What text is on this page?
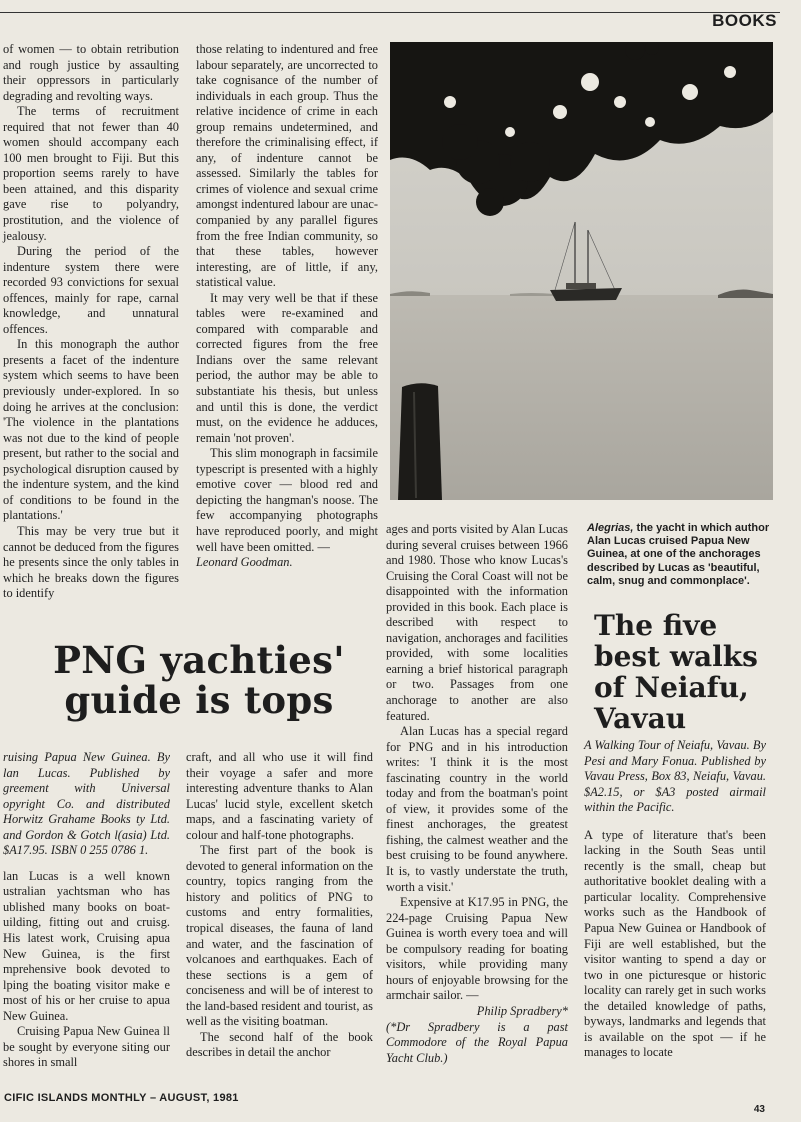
BOOKS

of women — to obtain retribution and rough justice by assaulting their oppressors in particularly degrading and revolting ways.

The terms of recruitment required that not fewer than 40 women should accompany each 100 men brought to Fiji. But this proportion seems rarely to have been attained, and this disparity gave rise to polyandry, prostitution, and the violence of jealousy.

During the period of the indenture system there were recorded 93 convictions for sexual offences, mainly for rape, carnal knowledge, and unnatural offences.

In this monograph the author presents a facet of the indenture system which seems to have been previously under-explored. In so doing he arrives at the conclusion: 'The violence in the plantations was not due to the kind of people present, but rather to the social and psychological disruption caused by the indenture system, and the kind of conditions to be found in the plantations.'

This may be very true but it cannot be deduced from the figures he presents since the only tables in which he breaks down the figures to identify

those relating to indentured and free labour separately, are uncorrected to take cognisance of the number of individuals in each group. Thus the relative incidence of crime in each group remains undetermined, and therefore the criminalising effect, if any, of indenture cannot be assessed. Similarly the tables for crimes of violence and sexual crime amongst indentured labour are unaccompanied by any parallel figures from the free Indian community, so that these tables, however interesting, are of little, if any, statistical value.

It may very well be that if these tables were re-examined and compared with comparable and corrected figures from the free Indians over the same relevant period, the author may be able to substantiate his thesis, but unless and until this is done, the verdict must, on the evidence he adduces, remain 'not proven'.

This slim monograph in facsimile typescript is presented with a highly emotive cover — blood red and depicting the hangman's noose. The few accompanying photographs have reproduced poorly, and might well have been omitted. —

Leonard Goodman.

Alegrias, the yacht in which author Alan Lucas cruised Papua New Guinea, at one of the anchorages described by Lucas as 'beautiful, calm, snug and commonplace'.

PNG yachties' guide is tops

ruising Papua New Guinea. By lan Lucas. Published by greement with Universal opyright Co. and distributed Horwitz Grahame Books ty Ltd. and Gordon & Gotch l(asia) Ltd. $A17.95. ISBN 0 255 0786 1.

lan Lucas is a well known ustralian yachtsman who has ublished many books on boatuilding, fitting out and cruisg. His latest work, Cruising apua New Guinea, is the first mprehensive book devoted to lping the boating visitor make e most of his or her cruise to apua New Guinea.

Cruising Papua New Guinea ll be sought by everyone siting our shores in small

craft, and all who use it will find their voyage a safer and more interesting adventure thanks to Alan Lucas' lucid style, excellent sketch maps, and a fascinating variety of colour and half-tone photographs.

The first part of the book is devoted to general information on the country, topics ranging from the history and politics of PNG to customs and entry formalities, tropical diseases, the fauna of land and water, and the fascination of volcanoes and earthquakes. Each of these sections is a gem of conciseness and will be of interest to the land-based resident and tourist, as well as the visiting boatman.

The second half of the book describes in detail the anchor

ages and ports visited by Alan Lucas during several cruises between 1966 and 1980. Those who know Lucas's Cruising the Coral Coast will not be disappointed with the information provided in this book. Each place is described with respect to navigation, anchorages and facilities provided, with some localities earning a brief historical paragraph or two. Passages from one anchorage to another are also featured.

Alan Lucas has a special regard for PNG and in his introduction writes: 'I think it is the most fascinating country in the world today and from the boatman's point of view, it provides some of the finest anchorages, the greatest fishing, the calmest weather and the best cruising to be found anywhere. It is, to vastly understate the truth, worth a visit.'

Expensive at K17.95 in PNG, the 224-page Cruising Papua New Guinea is worth every toea and will be compulsory reading for boating visitors, while providing many hours of enjoyable browsing for the armchair sailor. —

Philip Spradbery*

(*Dr Spradbery is a past Commodore of the Royal Papua Yacht Club.)

The five best walks of Neiafu, Vavau

A Walking Tour of Neiafu, Vavau. By Pesi and Mary Fonua. Published by Vavau Press, Box 83, Neiafu, Vavau. $A2.15, or $A3 posted airmail within the Pacific.

A type of literature that's been lacking in the South Seas until recently is the small, cheap but authoritative booklet dealing with a particular locality. Comprehensive works such as the Handbook of Papua New Guinea or Handbook of Fiji are well established, but the visitor wanting to spend a day or two in one picturesque or historic locality can rarely get in such works the detailed knowledge of paths, byways, landmarks and legends that is available on the spot — if he manages to locate

CIFIC ISLANDS MONTHLY – AUGUST, 1981
43
